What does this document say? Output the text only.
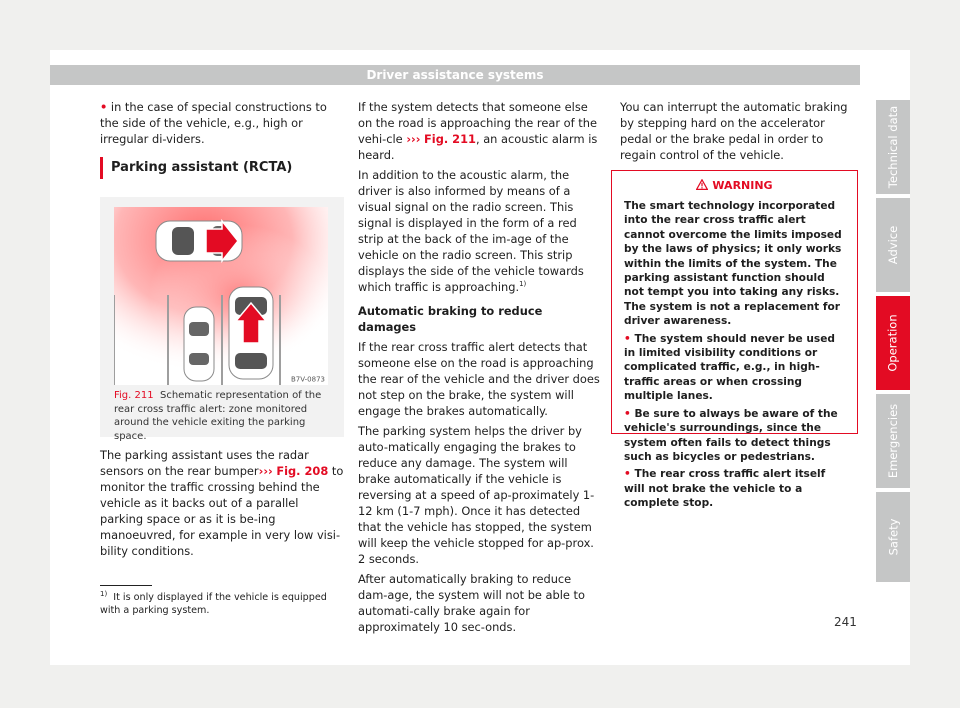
Driver assistance systems

• in the case of special constructions to the side of the vehicle, e.g., high or irregular di-viders.

Parking assistant (RCTA)

B7V-0873
Fig. 211 Schematic representation of the rear cross traffic alert: zone monitored around the vehicle exiting the parking space.

The parking assistant uses the radar sensors on the rear bumper››› Fig. 208 to monitor the traffic crossing behind the vehicle as it backs out of a parallel parking space or as it is be-ing manoeuvred, for example in very low visi-bility conditions.

If the system detects that someone else on the road is approaching the rear of the vehi-cle ››› Fig. 211, an acoustic alarm is heard.

In addition to the acoustic alarm, the driver is also informed by means of a visual signal on the radio screen. This signal is displayed in the form of a red strip at the back of the im-age of the vehicle on the radio screen. This strip displays the side of the vehicle towards which traffic is approaching.$^{1)}$

Automatic braking to reduce damages

If the rear cross traffic alert detects that someone else on the road is approaching the rear of the vehicle and the driver does not step on the brake, the system will engage the brakes automatically.

The parking system helps the driver by auto-matically engaging the brakes to reduce any damage. The system will brake automatically if the vehicle is reversing at a speed of ap-proximately 1-12 km (1-7 mph). Once it has detected that the vehicle has stopped, the system will keep the vehicle stopped for ap-prox. 2 seconds.

After automatically braking to reduce dam-age, the system will not be able to automati-cally brake again for approximately 10 sec-onds.

You can interrupt the automatic braking by stepping hard on the accelerator pedal or the brake pedal in order to regain control of the vehicle.

WARNING

The smart technology incorporated into the rear cross traffic alert cannot overcome the limits imposed by the laws of physics; it only works within the limits of the system. The parking assistant function should not tempt you into taking any risks. The system is not a replacement for driver awareness.

• The system should never be used in limited visibility conditions or complicated traffic, e.g., in high-traffic areas or when crossing multiple lanes.

• Be sure to always be aware of the vehicle's surroundings, since the system often fails to detect things such as bicycles or pedestrians.

• The rear cross traffic alert itself will not brake the vehicle to a complete stop.

$^{1)}$ It is only displayed if the vehicle is equipped with a parking system.
241
Technical data
Advice
Operation
Emergencies
Safety
